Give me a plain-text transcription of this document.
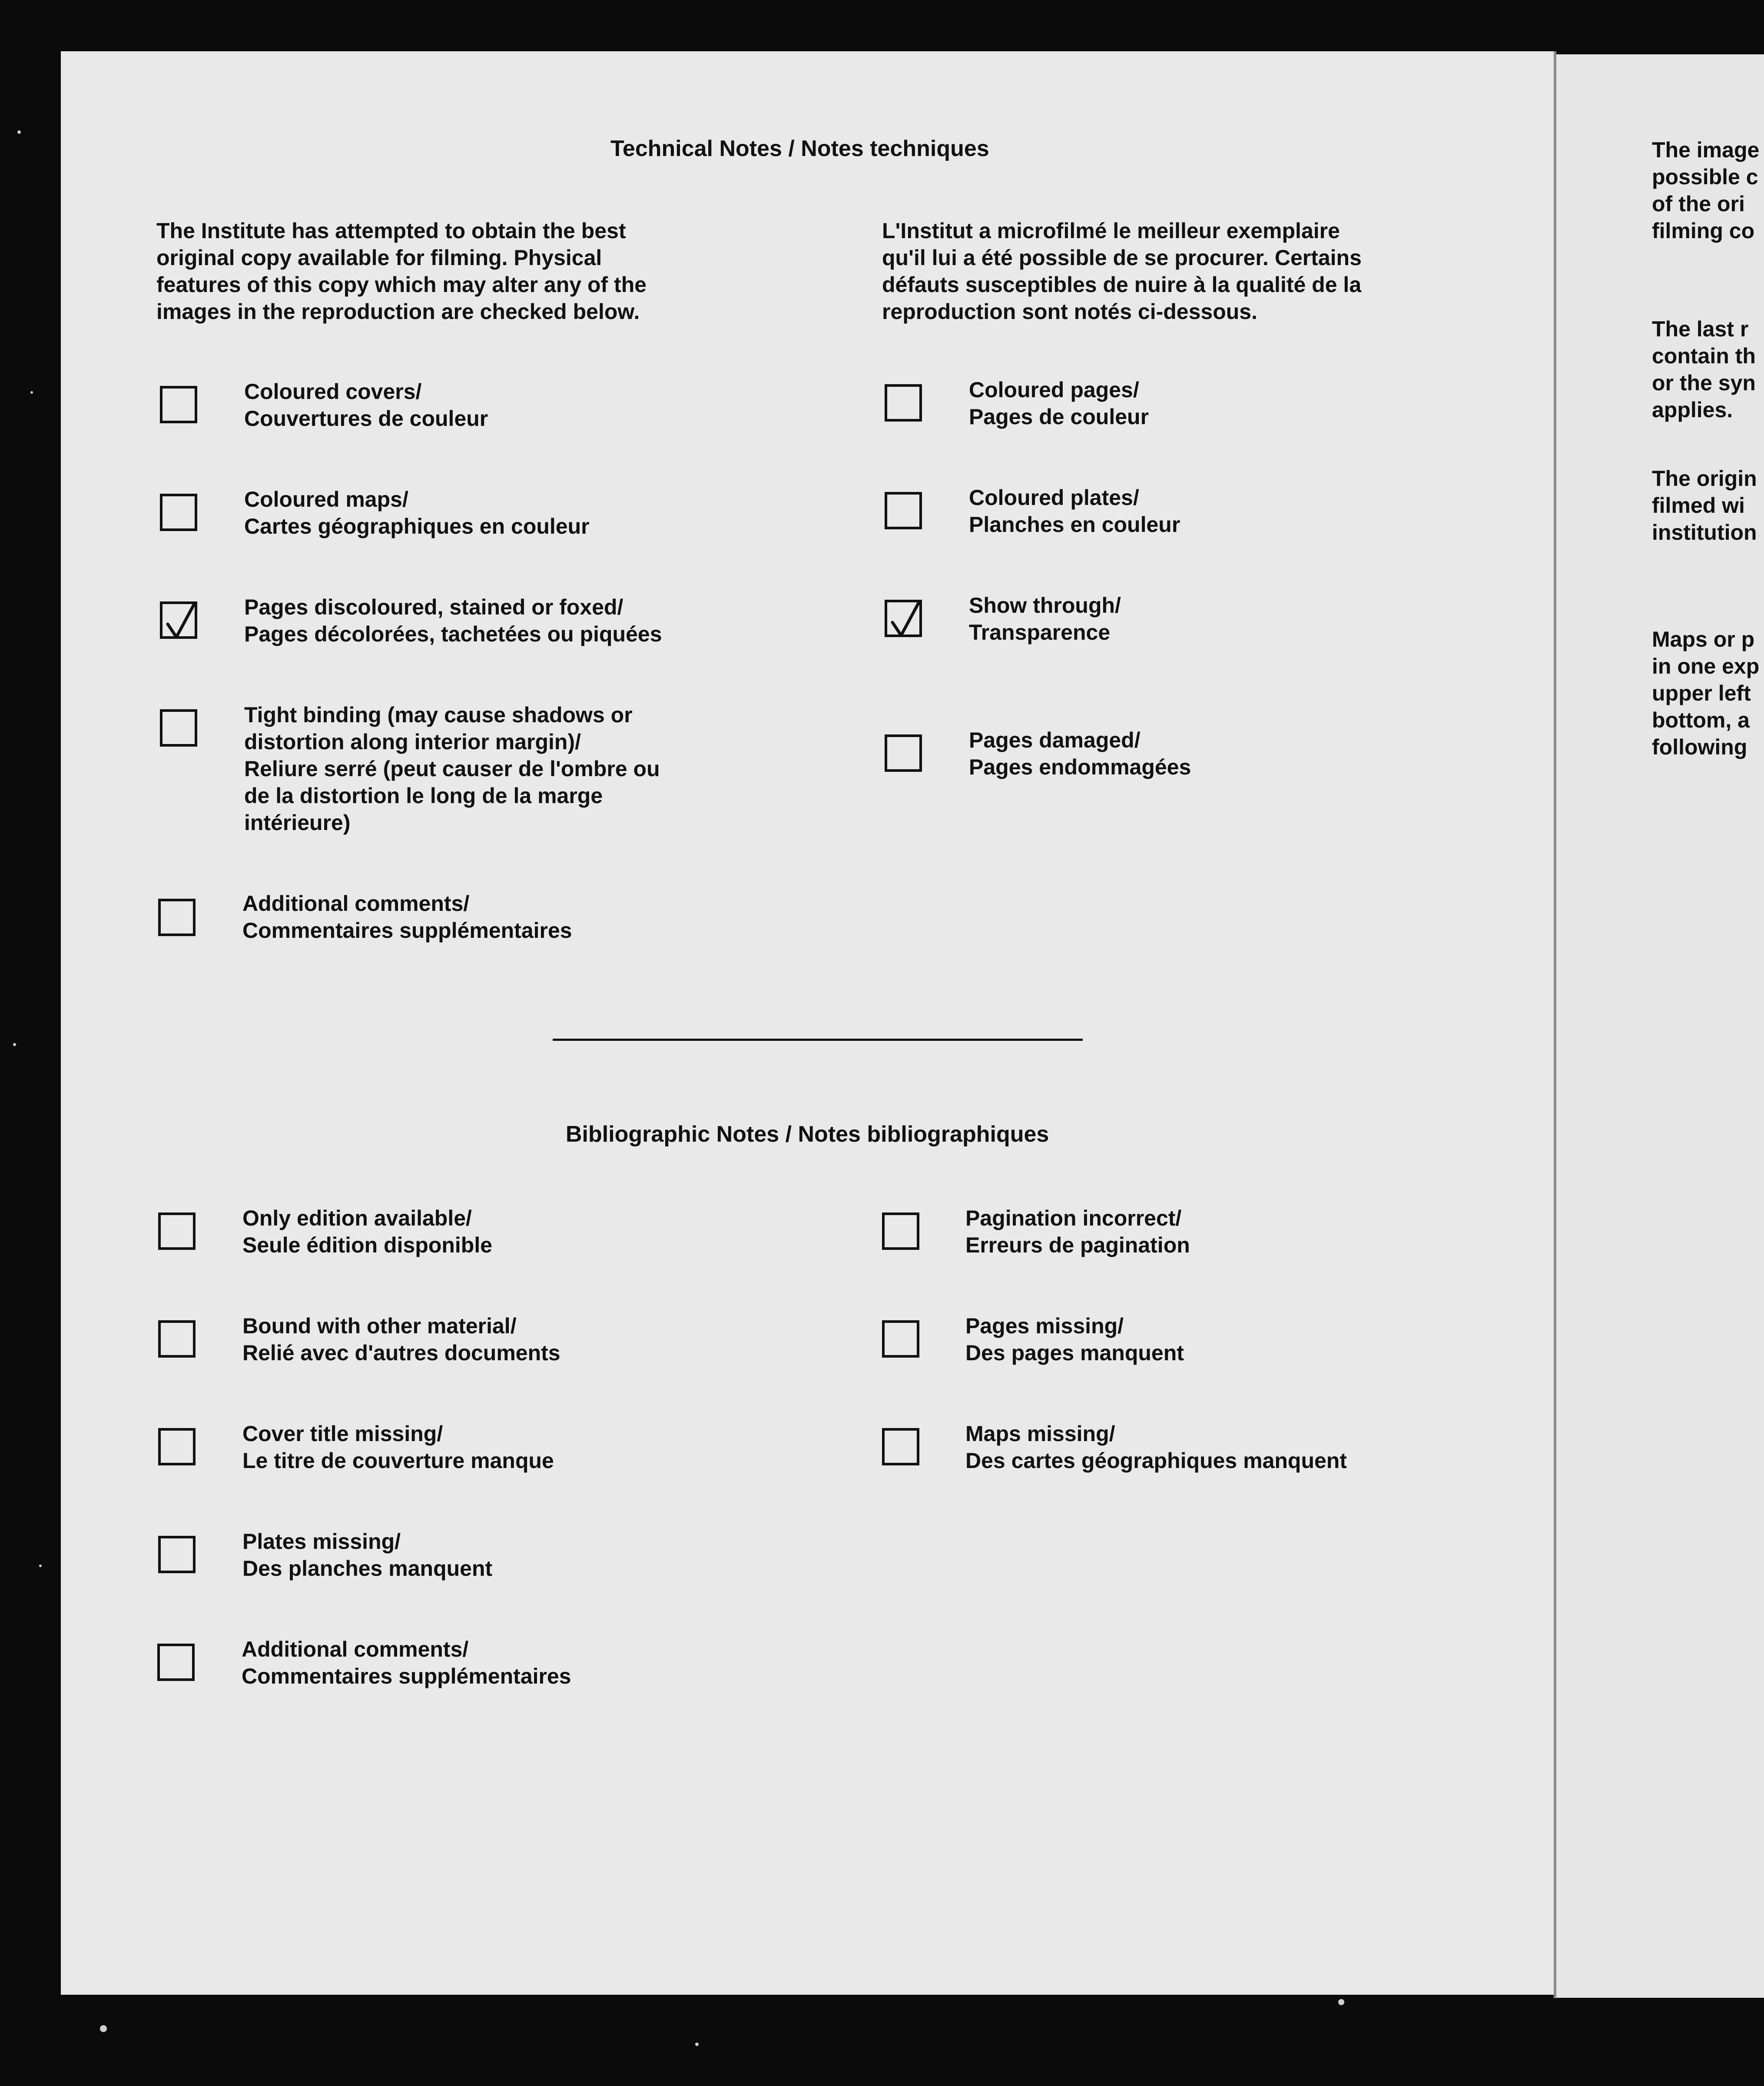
Technical Notes / Notes techniques
The Institute has attempted to obtain the best
original copy available for filming. Physical
features of this copy which may alter any of the
images in the reproduction are checked below.
L'Institut a microfilmé le meilleur exemplaire
qu'il lui a été possible de se procurer. Certains
défauts susceptibles de nuire à la qualité de la
reproduction sont notés ci-dessous.
Coloured covers/
Couvertures de couleur
Coloured maps/
Cartes géographiques en couleur
Pages discoloured, stained or foxed/
Pages décolorées, tachetées ou piquées
Tight binding (may cause shadows or
distortion along interior margin)/
Reliure serré (peut causer de l'ombre ou
de la distortion le long de la marge
intérieure)
Additional comments/
Commentaires supplémentaires
Coloured pages/
Pages de couleur
Coloured plates/
Planches en couleur
Show through/
Transparence
Pages damaged/
Pages endommagées
Bibliographic Notes / Notes bibliographiques
Only edition available/
Seule édition disponible
Bound with other material/
Relié avec d'autres documents
Cover title missing/
Le titre de couverture manque
Plates missing/
Des planches manquent
Additional comments/
Commentaires supplémentaires
Pagination incorrect/
Erreurs de pagination
Pages missing/
Des pages manquent
Maps missing/
Des cartes géographiques manquent
The image
possible c
of the ori
filming co
The last r
contain th
or the syn
applies.
The origin
filmed wi
institution
Maps or p
in one exp
upper left
bottom, a
following
